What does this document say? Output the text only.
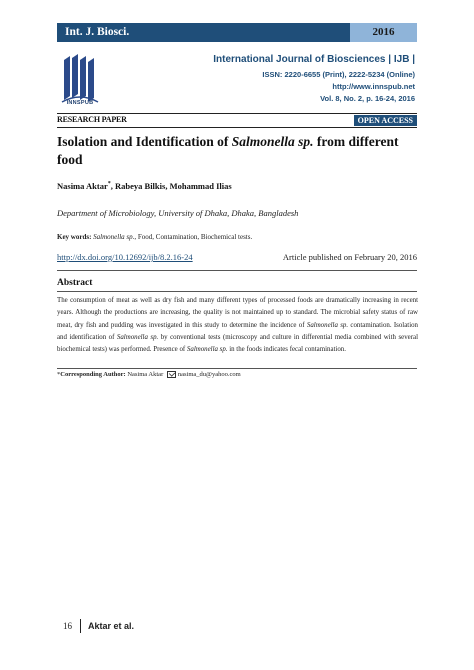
Int. J. Biosci.	2016
INNSPUB
International Journal of Biosciences | IJB |
ISSN: 2220-6655 (Print), 2222-5234 (Online)
http://www.innspub.net
Vol. 8, No. 2, p. 16-24, 2016
RESEARCH PAPER	OPEN ACCESS
Isolation and Identification of Salmonella sp. from different food
Nasima Aktar*, Rabeya Bilkis, Mohammad Ilias
Department of Microbiology, University of Dhaka, Dhaka, Bangladesh
Key words: Salmonella sp., Food, Contamination, Biochemical tests.
http://dx.doi.org/10.12692/ijb/8.2.16-24	Article published on February 20, 2016
Abstract
The consumption of meat as well as dry fish and many different types of processed foods are dramatically increasing in recent years. Although the productions are increasing, the quality is not maintained up to standard. The microbial safety status of raw meat, dry fish and pudding was investigated in this study to determine the incidence of Salmonella sp. contamination. Isolation and identification of Salmonella sp. by conventional tests (microscopy and culture in differential media combined with several biochemical tests) was performed. Presence of Salmonella sp. in the foods indicates fecal contamination.
*Corresponding Author: Nasima Aktar nasima_du@yahoo.com
16 Aktar et al.
